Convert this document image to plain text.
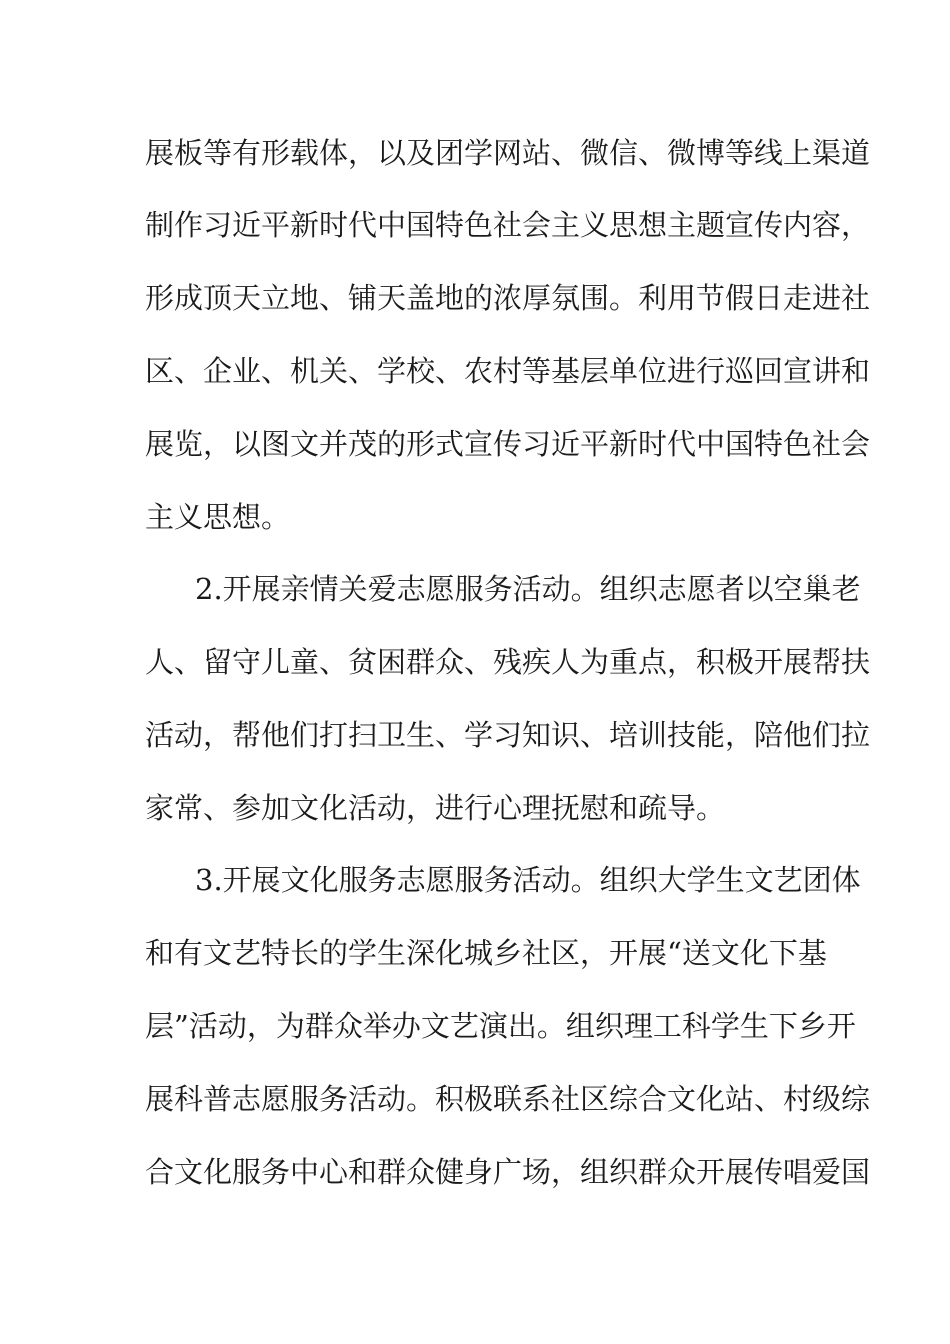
展板等有形载体，以及团学网站、微信、微博等线上渠道
制作习近平新时代中国特色社会主义思想主题宣传内容，
形成顶天立地、铺天盖地的浓厚氛围。利用节假日走进社
区、企业、机关、学校、农村等基层单位进行巡回宣讲和
展览，以图文并茂的形式宣传习近平新时代中国特色社会
主义思想。
2.开展亲情关爱志愿服务活动。组织志愿者以空巢老
人、留守儿童、贫困群众、残疾人为重点，积极开展帮扶
活动，帮他们打扫卫生、学习知识、培训技能，陪他们拉
家常、参加文化活动，进行心理抚慰和疏导。
3.开展文化服务志愿服务活动。组织大学生文艺团体
和有文艺特长的学生深化城乡社区，开展“送文化下基
层”活动，为群众举办文艺演出。组织理工科学生下乡开
展科普志愿服务活动。积极联系社区综合文化站、村级综
合文化服务中心和群众健身广场，组织群众开展传唱爱国
